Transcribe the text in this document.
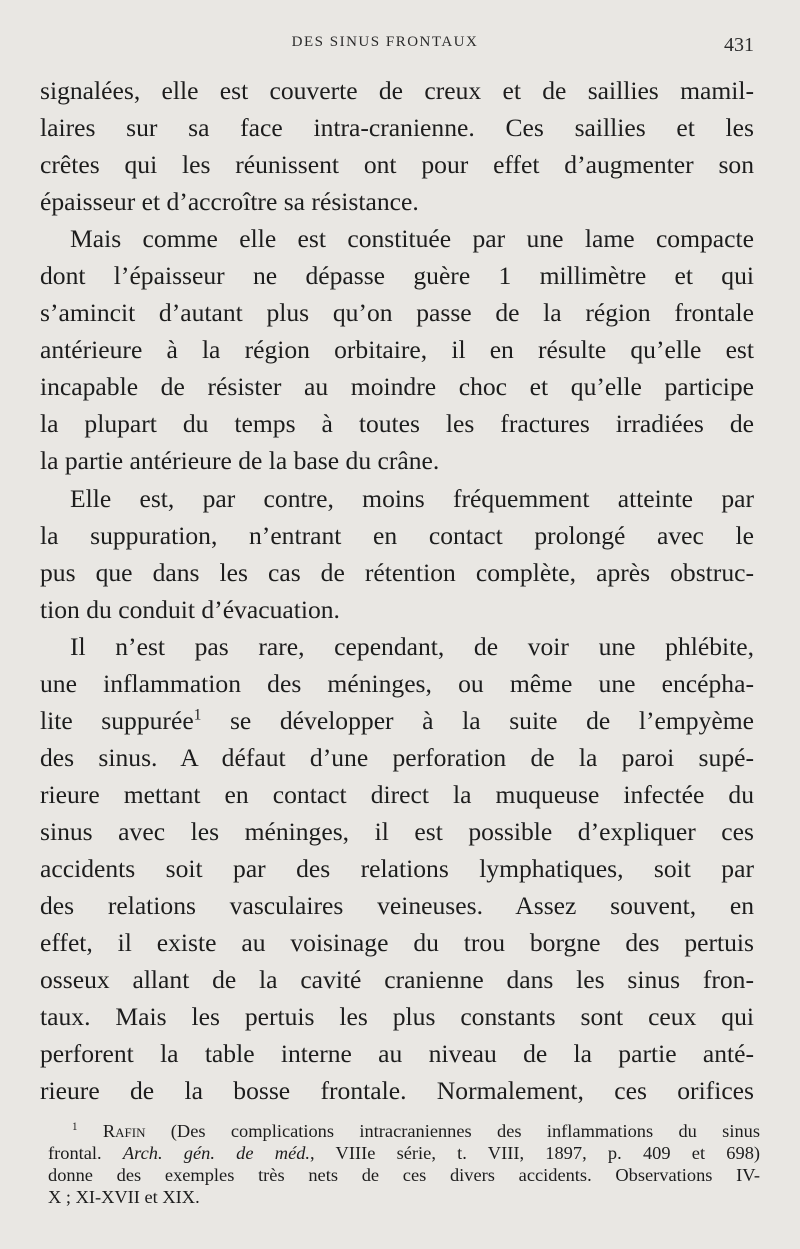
DES SINUS FRONTAUX	431
signalées, elle est couverte de creux et de saillies mamil-
laires sur sa face intra-cranienne. Ces saillies et les
crêtes qui les réunissent ont pour effet d’augmenter son
épaisseur et d’accroître sa résistance.
Mais comme elle est constituée par une lame compacte
dont l’épaisseur ne dépasse guère 1 millimètre et qui
s’amincit d’autant plus qu’on passe de la région frontale
antérieure à la région orbitaire, il en résulte qu’elle est
incapable de résister au moindre choc et qu’elle participe
la plupart du temps à toutes les fractures irradiées de
la partie antérieure de la base du crâne.
Elle est, par contre, moins fréquemment atteinte par
la suppuration, n’entrant en contact prolongé avec le
pus que dans les cas de rétention complète, après obstruc-
tion du conduit d’évacuation.
Il n’est pas rare, cependant, de voir une phlébite,
une inflammation des méninges, ou même une encépha-
lite suppurée$^1$ se développer à la suite de l’empyème
des sinus. A défaut d’une perforation de la paroi supé-
rieure mettant en contact direct la muqueuse infectée du
sinus avec les méninges, il est possible d’expliquer ces
accidents soit par des relations lymphatiques, soit par
des relations vasculaires veineuses. Assez souvent, en
effet, il existe au voisinage du trou borgne des pertuis
osseux allant de la cavité cranienne dans les sinus fron-
taux. Mais les pertuis les plus constants sont ceux qui
perforent la table interne au niveau de la partie anté-
rieure de la bosse frontale. Normalement, ces orifices
$^1$ Rafin (Des complications intracraniennes des inflammations du sinus
frontal. Arch. gén. de méd., VIIIe série, t. VIII, 1897, p. 409 et 698)
donne des exemples très nets de ces divers accidents. Observations IV-
X ; XI-XVII et XIX.
